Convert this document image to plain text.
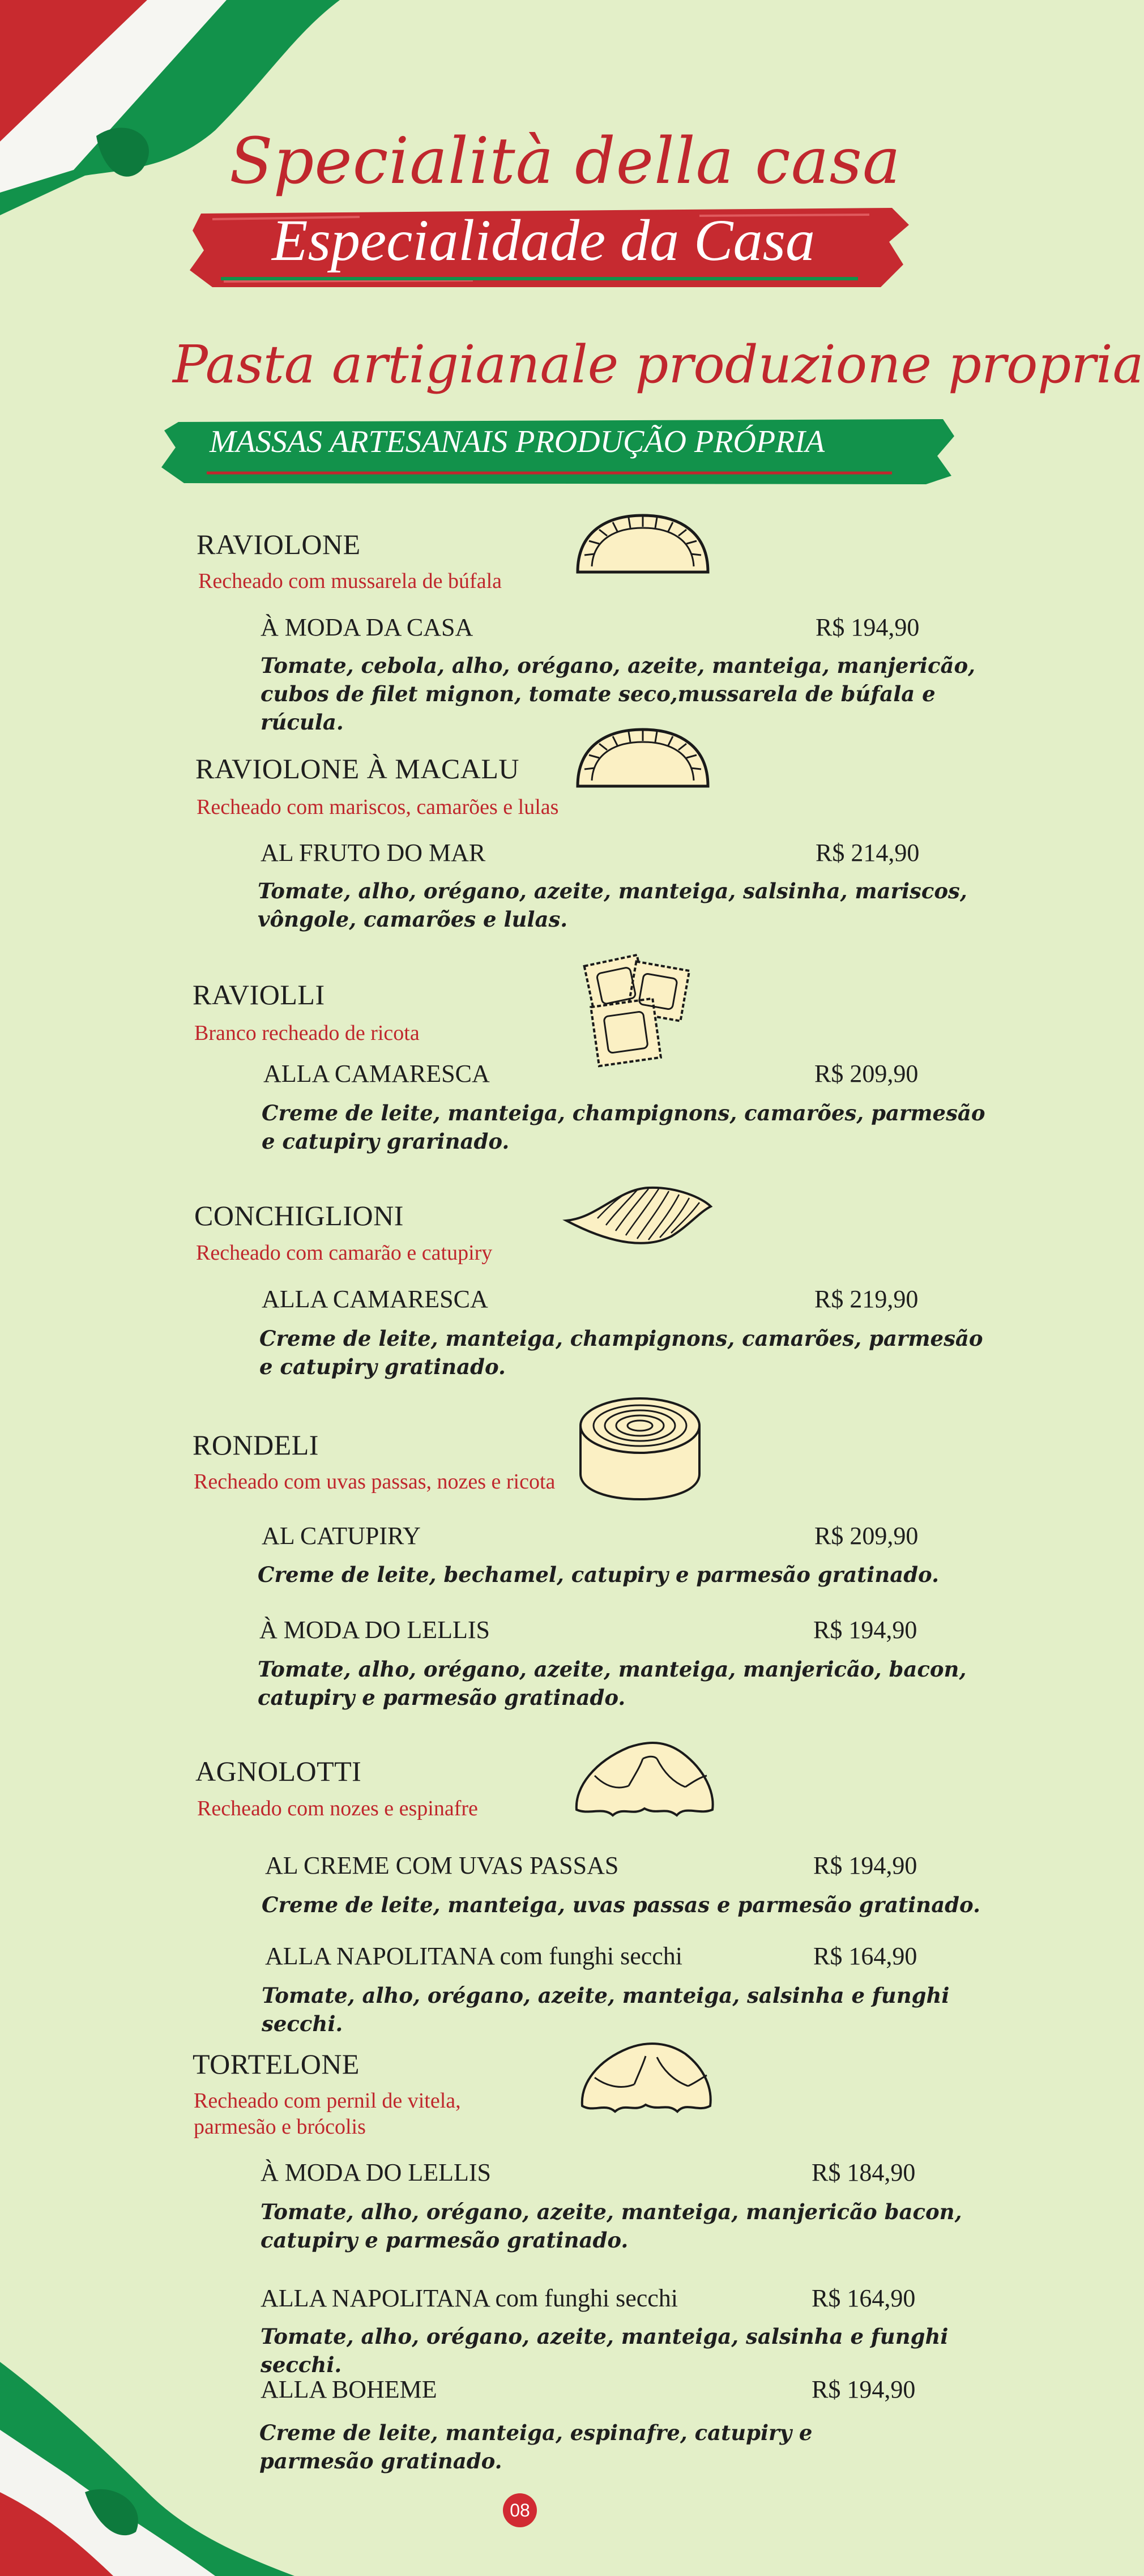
Specialità della casa
Especialidade da Casa
Pasta artigianale produzione propria
MASSAS ARTESANAIS PRODUÇÃO PRÓPRIA
RAVIOLONE
Recheado com mussarela de búfala
À MODA DA CASA	R$ 194,90
Tomate, cebola, alho, orégano, azeite, manteiga, manjericão, cubos de filet mignon, tomate seco,mussarela de búfala e rúcula.
RAVIOLONE À MACALU
Recheado com mariscos, camarões e lulas
AL FRUTO DO MAR	R$ 214,90
Tomate, alho, orégano, azeite, manteiga, salsinha, mariscos, vôngole, camarões e lulas.
RAVIOLLI
Branco recheado de ricota
ALLA CAMARESCA	R$ 209,90
Creme de leite, manteiga, champignons, camarões, parmesão e catupiry grarinado.
CONCHIGLIONI
Recheado com camarão e catupiry
ALLA CAMARESCA	R$ 219,90
Creme de leite, manteiga, champignons, camarões, parmesão e catupiry gratinado.
RONDELI
Recheado com uvas passas, nozes e ricota
AL CATUPIRY	R$ 209,90
Creme de leite, bechamel, catupiry e parmesão gratinado.
À MODA DO LELLIS	R$ 194,90
Tomate, alho, orégano, azeite, manteiga, manjericão, bacon, catupiry e parmesão gratinado.
AGNOLOTTI
Recheado com nozes e espinafre
AL CREME COM UVAS PASSAS	R$ 194,90
Creme de leite, manteiga, uvas passas e parmesão gratinado.
ALLA NAPOLITANA com funghi secchi	R$ 164,90
Tomate, alho, orégano, azeite, manteiga, salsinha e funghi secchi.
TORTELONE
Recheado com pernil de vitela,
parmesão e brócolis
À MODA DO LELLIS	R$ 184,90
Tomate, alho, orégano, azeite, manteiga, manjericão bacon, catupiry e parmesão gratinado.
ALLA NAPOLITANA com funghi secchi	R$ 164,90
Tomate, alho, orégano, azeite, manteiga, salsinha e funghi secchi.
ALLA BOHEME	R$ 194,90
Creme de leite, manteiga, espinafre, catupiry e parmesão gratinado.
08
